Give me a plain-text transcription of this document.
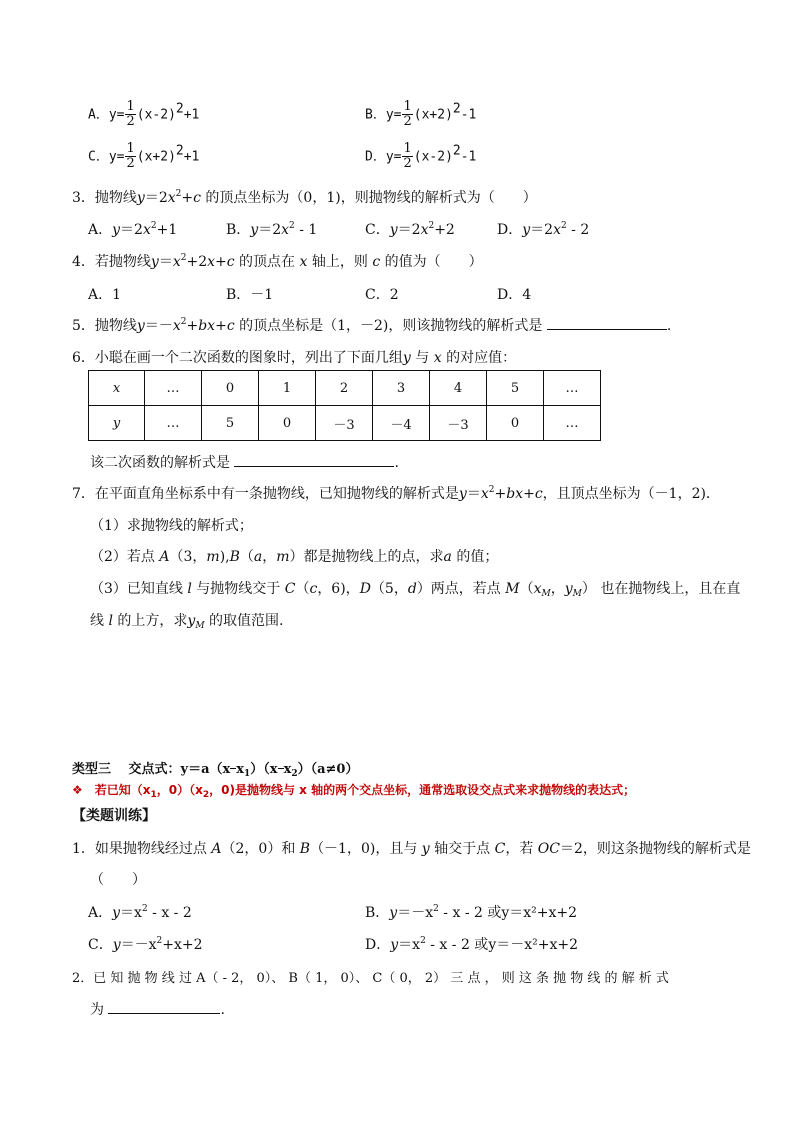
A．$y= \frac{1}{2} (x-2)^2+1$	B．$y= \frac{1}{2} (x+2)^2-1$
C．$y= \frac{1}{2} (x+2)^2+1$	D．$y= \frac{1}{2} (x-2)^2-1$
3．抛物线$y=2x^2+c$ 的顶点坐标为（0，1)，则抛物线的解析式为（　　）
A．$y=2x^2+1$	B．$y=2x^2 - 1$	C．$y=2x^2+2$	D．$y=2x^2 - 2$
4．若抛物线$y=x^2+2x+c$ 的顶点在 x 轴上，则 c 的值为（　　）
A．1	B．－1	C．2	D．4
5．抛物线$y=-x^2+bx+c$ 的顶点坐标是（1，－2)，则该抛物线的解析式是	.
6．小聪在画一个二次函数的图象时，列出了下面几组y 与 x 的对应值：
x	…	0	1	2	3	4	5	…
y	…	5	0	－3	－4	－3	0	…
该二次函数的解析式是	.
7．在平面直角坐标系中有一条抛物线，已知抛物线的解析式是$y=x^2+bx+c$，且顶点坐标为（－1，2)．
（1）求抛物线的解析式；
（2）若点 A（3，m),B（a，m）都是抛物线上的点，求a 的值；
（3）已知直线 l 与抛物线交于 C（c，6)，D（5，d）两点，若点 $M(x_M$，$y_M$） 也在抛物线上，且在直
线 l 的上方，求$y_M$ 的取值范围.
类型三　 交点式：y＝a（x $x_1)(x$ $x_2)(a\ne 0)$
❖　 若已知（$x_1$，$0)(x_2$，0)是抛物线与 x 轴的两个交点坐标，通常选取设交点式来求抛物线的表达式；
【类题训练】
1．如果抛物线经过点 A（2，0）和 B（－1，0)，且与 y 轴交于点 C，若 OC＝2，则这条抛物线的解析式是
（　　）
A．$y=x^2 - x - 2$	B．$y=-x^2 - x - 2$ 或y＝x²+x+2
C．$y=-x^2+x+2$	D．$y=x^2 - x - 2$ 或y＝－x²+x+2
2．已 知 抛 物 线 过 A（ - 2， 0）、 B（ 1， 0）、 C（ 0， 2） 三 点 ， 则 这 条 抛 物 线 的 解 析 式
为	.
